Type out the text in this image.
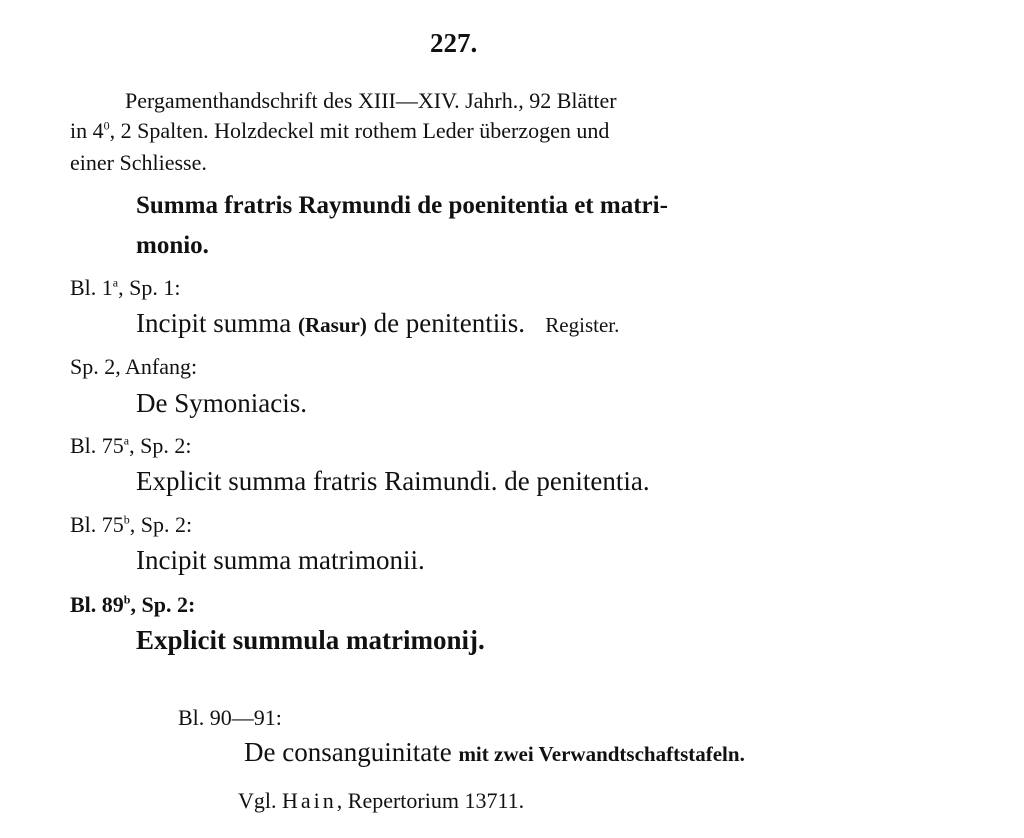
227.
Pergamenthandschrift des XIII—XIV. Jahrh., 92 Blätter
in $4^0$, 2 Spalten. Holzdeckel mit rothem Leder überzogen und
einer Schliesse.
Summa fratris Raymundi de poenitentia et matri-
monio.
Bl. 1$^a$, Sp. 1:
Incipit summa (Rasur) de penitentiis. Register.
Sp. 2, Anfang:
De Symoniacis.
Bl. 75$^a$, Sp. 2:
Explicit summa fratris Raimundi. de penitentia.
Bl. 75$^b$, Sp. 2:
Incipit summa matrimonii.
Bl. 89$^b$, Sp. 2:
Explicit summula matrimonij.
Bl. 90—91:
De consanguinitate mit zwei Verwandtschaftstafeln.
Vgl. Hain, Repertorium 13711.
